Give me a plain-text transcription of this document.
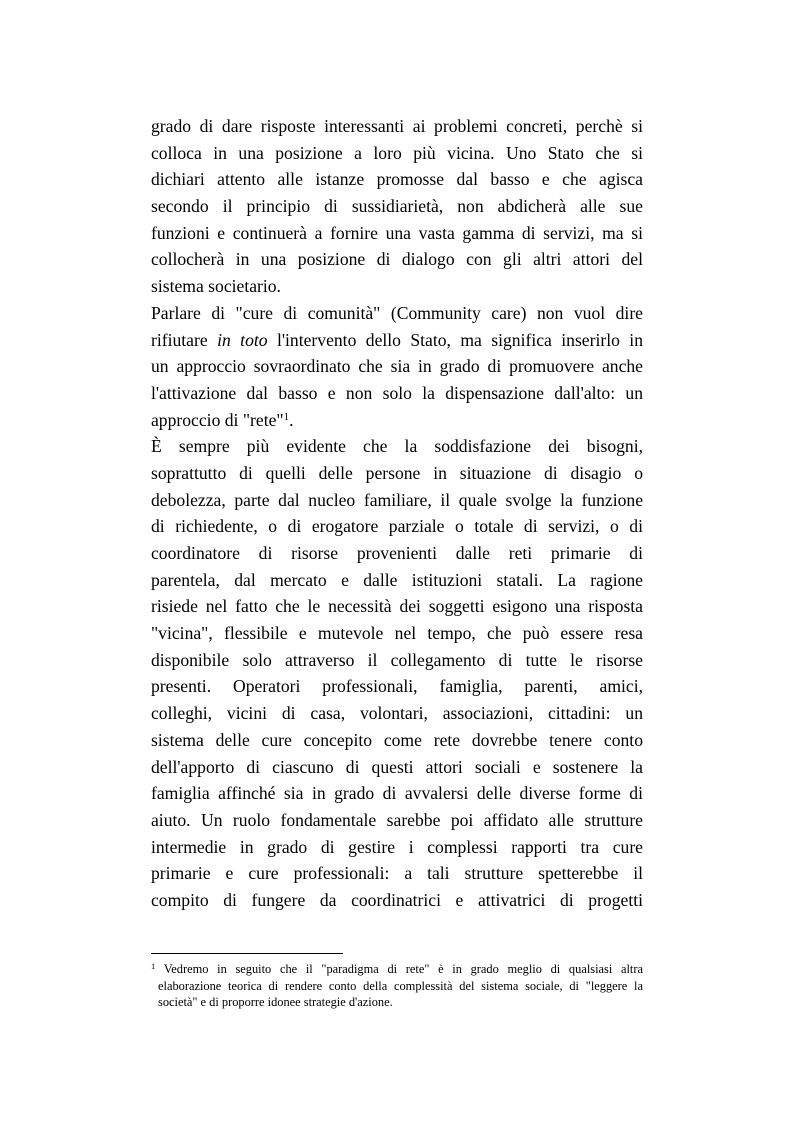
grado di dare risposte interessanti ai problemi concreti, perchè si
colloca in una posizione a loro più vicina. Uno Stato che si
dichiari attento alle istanze promosse dal basso e che agisca
secondo il principio di sussidiarietà, non abdicherà alle sue
funzioni e continuerà a fornire una vasta gamma di servizi, ma si
collocherà in una posizione di dialogo con gli altri attori del
sistema societario.
Parlare di "cure di comunità" (Community care) non vuol dire
rifiutare in toto l'intervento dello Stato, ma significa inserirlo in
un approccio sovraordinato che sia in grado di promuovere anche
l'attivazione dal basso e non solo la dispensazione dall'alto: un
approccio di "rete"$^1$.
È sempre più evidente che la soddisfazione dei bisogni,
soprattutto di quelli delle persone in situazione di disagio o
debolezza, parte dal nucleo familiare, il quale svolge la funzione
di richiedente, o di erogatore parziale o totale di servizi, o di
coordinatore di risorse provenienti dalle reti primarie di
parentela, dal mercato e dalle istituzioni statali. La ragione
risiede nel fatto che le necessità dei soggetti esigono una risposta
"vicina", flessibile e mutevole nel tempo, che può essere resa
disponibile solo attraverso il collegamento di tutte le risorse
presenti. Operatori professionali, famiglia, parenti, amici,
colleghi, vicini di casa, volontari, associazioni, cittadini: un
sistema delle cure concepito come rete dovrebbe tenere conto
dell'apporto di ciascuno di questi attori sociali e sostenere la
famiglia affinché sia in grado di avvalersi delle diverse forme di
aiuto. Un ruolo fondamentale sarebbe poi affidato alle strutture
intermedie in grado di gestire i complessi rapporti tra cure
primarie e cure professionali: a tali strutture spetterebbe il
compito di fungere da coordinatrici e attivatrici di progetti
$^1$ Vedremo in seguito che il "paradigma di rete" è in grado meglio di qualsiasi altra
elaborazione teorica di rendere conto della complessità del sistema sociale, di "leggere la
società" e di proporre idonee strategie d'azione.
